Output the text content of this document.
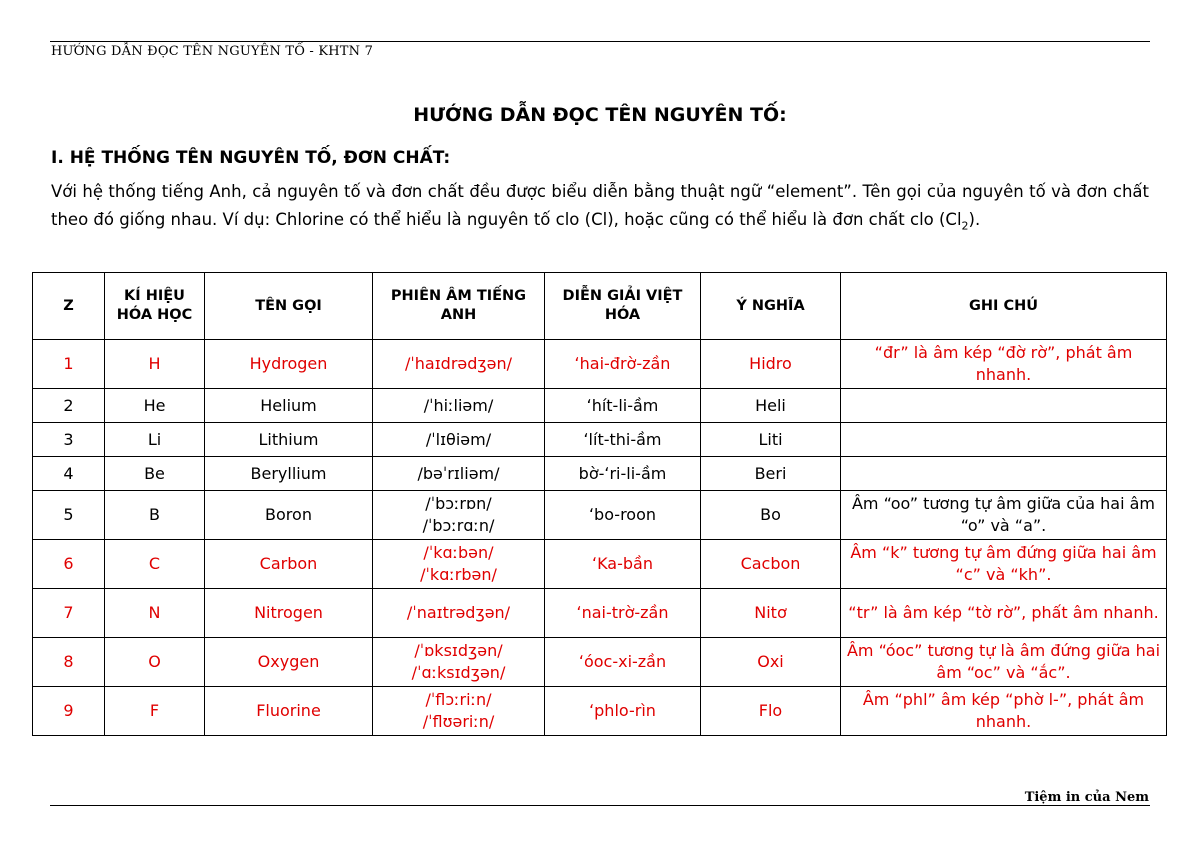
HƯỚNG DẪN ĐỌC TÊN NGUYÊN TỐ - KHTN 7
HƯỚNG DẪN ĐỌC TÊN NGUYÊN TỐ:
I. HỆ THỐNG TÊN NGUYÊN TỐ, ĐƠN CHẤT:
Với hệ thống tiếng Anh, cả nguyên tố và đơn chất đều được biểu diễn bằng thuật ngữ “element”. Tên gọi của nguyên tố và đơn chất theo đó giống nhau. Ví dụ: Chlorine có thể hiểu là nguyên tố clo (Cl), hoặc cũng có thể hiểu là đơn chất clo $(Cl_2)$.
Z	KÍ HIỆU HÓA HỌC	TÊN GỌI	PHIÊN ÂM TIẾNG ANH	DIỄN GIẢI VIỆT HÓA	Ý NGHĨA	GHI CHÚ
1	H	Hydrogen	/ˈhaɪdrədʒən/	ʻhai-đrờ-zần	Hidro	“đr” là âm kép “đờ rờ”, phát âm nhanh.
2	He	Helium	/ˈhiːliəm/	ʻhít-li-ầm	Heli	
3	Li	Lithium	/ˈlɪθiəm/	ʻlít-thi-ầm	Liti	
4	Be	Beryllium	/bəˈrɪliəm/	bờ-ʻri-li-ầm	Beri	
5	B	Boron	/ˈbɔːrɒn/
/ˈbɔːrɑːn/	ʻbo-roon	Bo	Âm “oo” tương tự âm giữa của hai âm “o” và “a”.
6	C	Carbon	/ˈkɑːbən/
/ˈkɑːrbən/	ʻKa-bần	Cacbon	Âm “k” tương tự âm đứng giữa hai âm “c” và “kh”.
7	N	Nitrogen	/ˈnaɪtrədʒən/	ʻnai-trờ-zần	Nitơ	“tr” là âm kép “tờ rờ”, phất âm nhanh.
8	O	Oxygen	/ˈɒksɪdʒən/
/ˈɑːksɪdʒən/	ʻóoc-xi-zần	Oxi	Âm “óoc” tương tự là âm đứng giữa hai âm “oc” và “ắc”.
9	F	Fluorine	/ˈflɔːriːn/
/ˈflʊəriːn/	ʻphlo-rìn	Flo	Âm “phl” âm kép “phờ l-”, phát âm nhanh.
Tiệm in của Nem
